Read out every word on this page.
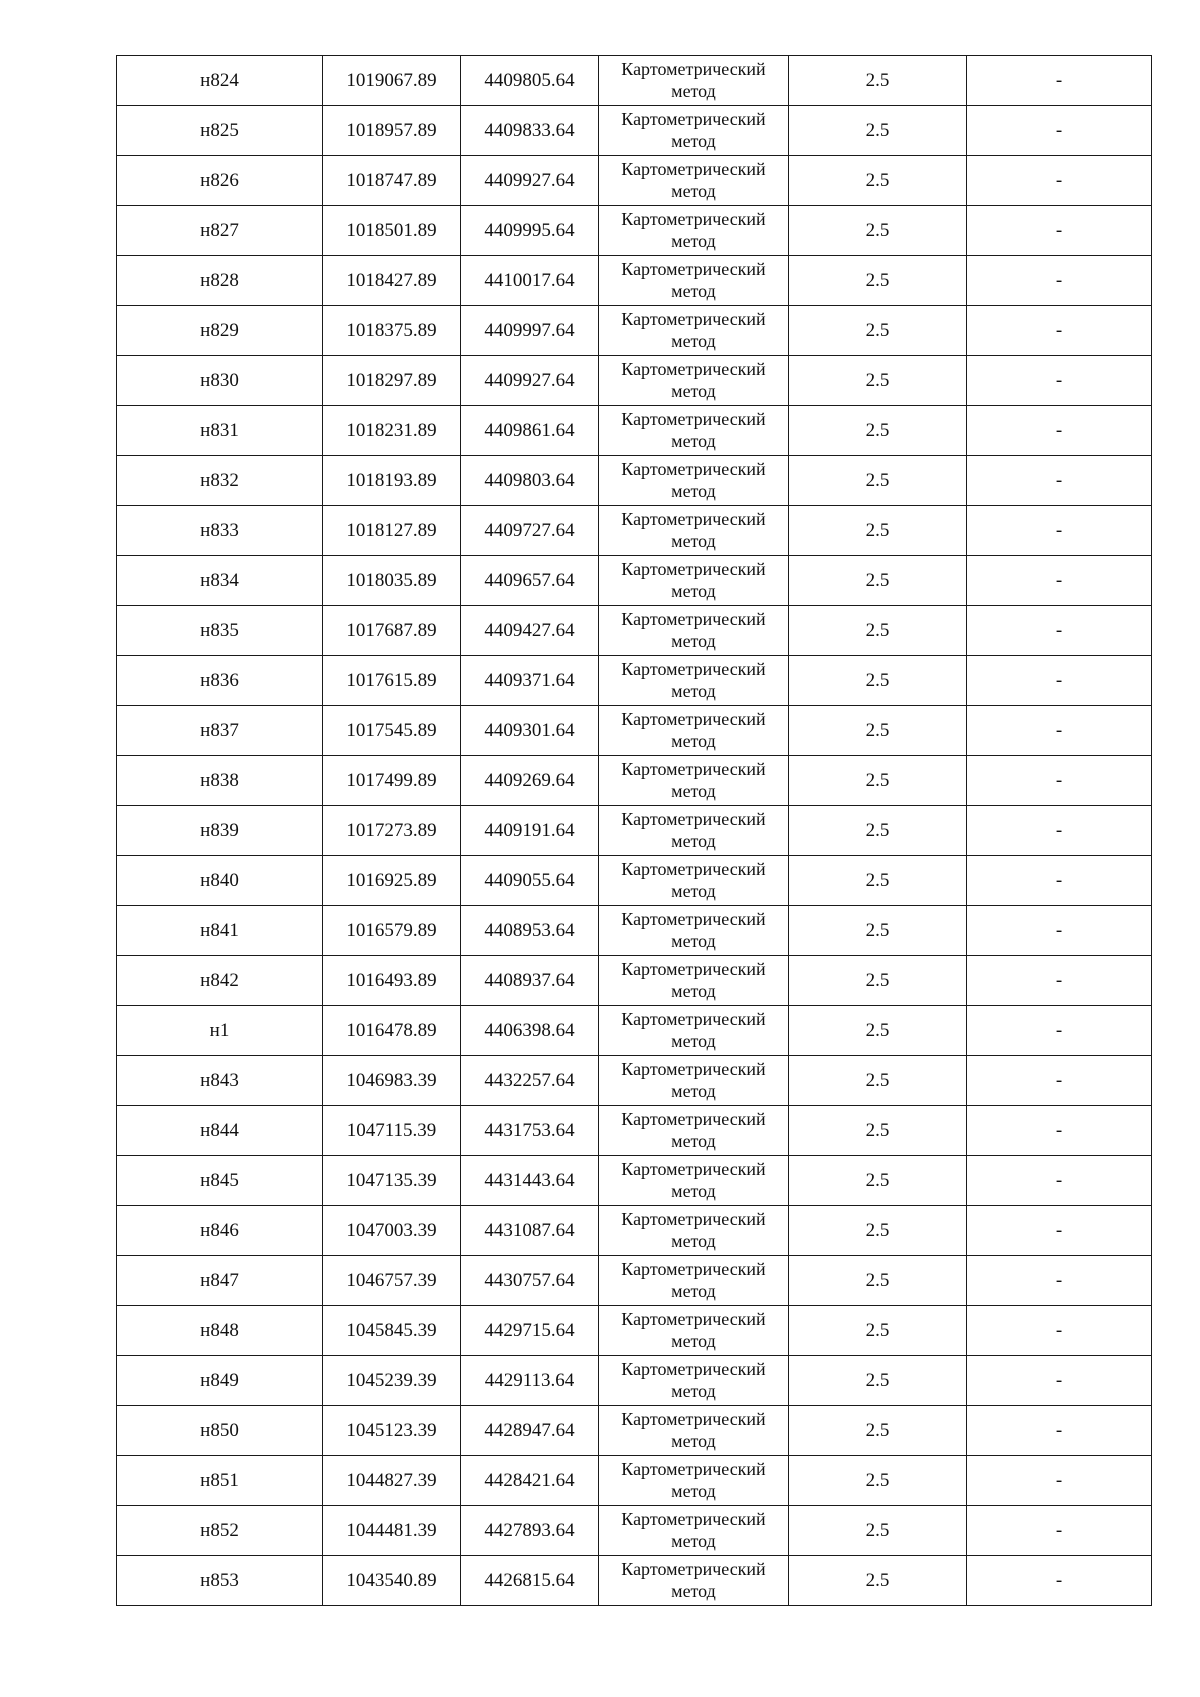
н824	1019067.89	4409805.64	Картометрический метод	2.5	-
н825	1018957.89	4409833.64	Картометрический метод	2.5	-
н826	1018747.89	4409927.64	Картометрический метод	2.5	-
н827	1018501.89	4409995.64	Картометрический метод	2.5	-
н828	1018427.89	4410017.64	Картометрический метод	2.5	-
н829	1018375.89	4409997.64	Картометрический метод	2.5	-
н830	1018297.89	4409927.64	Картометрический метод	2.5	-
н831	1018231.89	4409861.64	Картометрический метод	2.5	-
н832	1018193.89	4409803.64	Картометрический метод	2.5	-
н833	1018127.89	4409727.64	Картометрический метод	2.5	-
н834	1018035.89	4409657.64	Картометрический метод	2.5	-
н835	1017687.89	4409427.64	Картометрический метод	2.5	-
н836	1017615.89	4409371.64	Картометрический метод	2.5	-
н837	1017545.89	4409301.64	Картометрический метод	2.5	-
н838	1017499.89	4409269.64	Картометрический метод	2.5	-
н839	1017273.89	4409191.64	Картометрический метод	2.5	-
н840	1016925.89	4409055.64	Картометрический метод	2.5	-
н841	1016579.89	4408953.64	Картометрический метод	2.5	-
н842	1016493.89	4408937.64	Картометрический метод	2.5	-
н1	1016478.89	4406398.64	Картометрический метод	2.5	-
н843	1046983.39	4432257.64	Картометрический метод	2.5	-
н844	1047115.39	4431753.64	Картометрический метод	2.5	-
н845	1047135.39	4431443.64	Картометрический метод	2.5	-
н846	1047003.39	4431087.64	Картометрический метод	2.5	-
н847	1046757.39	4430757.64	Картометрический метод	2.5	-
н848	1045845.39	4429715.64	Картометрический метод	2.5	-
н849	1045239.39	4429113.64	Картометрический метод	2.5	-
н850	1045123.39	4428947.64	Картометрический метод	2.5	-
н851	1044827.39	4428421.64	Картометрический метод	2.5	-
н852	1044481.39	4427893.64	Картометрический метод	2.5	-
н853	1043540.89	4426815.64	Картометрический метод	2.5	-
